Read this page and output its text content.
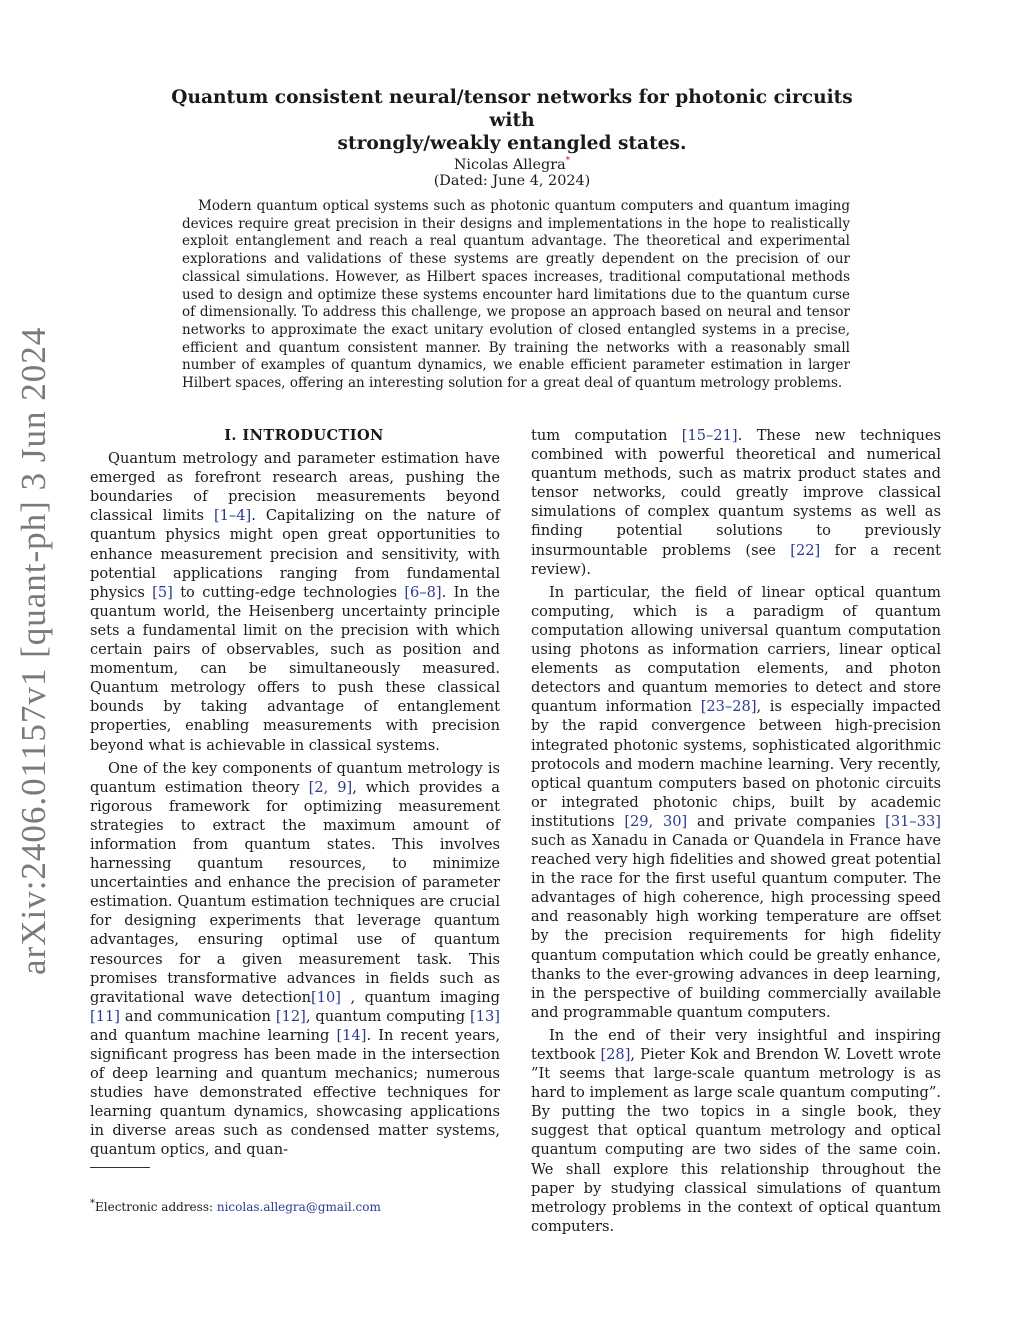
arXiv:2406.01157v1 [quant-ph] 3 Jun 2024
Quantum consistent neural/tensor networks for photonic circuits with
strongly/weakly entangled states.
Nicolas Allegra*
(Dated: June 4, 2024)

Modern quantum optical systems such as photonic quantum computers and quantum imaging devices require great precision in their designs and implementations in the hope to realistically exploit entanglement and reach a real quantum advantage. The theoretical and experimental explorations and validations of these systems are greatly dependent on the precision of our classical simulations. However, as Hilbert spaces increases, traditional computational methods used to design and optimize these systems encounter hard limitations due to the quantum curse of dimensionally. To address this challenge, we propose an approach based on neural and tensor networks to approximate the exact unitary evolution of closed entangled systems in a precise, efficient and quantum consistent manner. By training the networks with a reasonably small number of examples of quantum dynamics, we enable efficient parameter estimation in larger Hilbert spaces, offering an interesting solution for a great deal of quantum metrology problems.

I. INTRODUCTION

Quantum metrology and parameter estimation have emerged as forefront research areas, pushing the boundaries of precision measurements beyond classical limits [1–4]. Capitalizing on the nature of quantum physics might open great opportunities to enhance measurement precision and sensitivity, with potential applications ranging from fundamental physics [5] to cutting-edge technologies [6–8]. In the quantum world, the Heisenberg uncertainty principle sets a fundamental limit on the precision with which certain pairs of observables, such as position and momentum, can be simultaneously measured. Quantum metrology offers to push these classical bounds by taking advantage of entanglement properties, enabling measurements with precision beyond what is achievable in classical systems.

One of the key components of quantum metrology is quantum estimation theory [2, 9], which provides a rigorous framework for optimizing measurement strategies to extract the maximum amount of information from quantum states. This involves harnessing quantum resources, to minimize uncertainties and enhance the precision of parameter estimation. Quantum estimation techniques are crucial for designing experiments that leverage quantum advantages, ensuring optimal use of quantum resources for a given measurement task. This promises transformative advances in fields such as gravitational wave detection[10] , quantum imaging [11] and communication [12], quantum computing [13] and quantum machine learning [14]. In recent years, significant progress has been made in the intersection of deep learning and quantum mechanics; numerous studies have demonstrated effective techniques for learning quantum dynamics, showcasing applications in diverse areas such as condensed matter systems, quantum optics, and quan-

tum computation [15–21]. These new techniques combined with powerful theoretical and numerical quantum methods, such as matrix product states and tensor networks, could greatly improve classical simulations of complex quantum systems as well as finding potential solutions to previously insurmountable problems (see [22] for a recent review).

In particular, the field of linear optical quantum computing, which is a paradigm of quantum computation allowing universal quantum computation using photons as information carriers, linear optical elements as computation elements, and photon detectors and quantum memories to detect and store quantum information [23–28], is especially impacted by the rapid convergence between high-precision integrated photonic systems, sophisticated algorithmic protocols and modern machine learning. Very recently, optical quantum computers based on photonic circuits or integrated photonic chips, built by academic institutions [29, 30] and private companies [31–33] such as Xanadu in Canada or Quandela in France have reached very high fidelities and showed great potential in the race for the first useful quantum computer. The advantages of high coherence, high processing speed and reasonably high working temperature are offset by the precision requirements for high fidelity quantum computation which could be greatly enhance, thanks to the ever-growing advances in deep learning, in the perspective of building commercially available and programmable quantum computers.

In the end of their very insightful and inspiring textbook [28], Pieter Kok and Brendon W. Lovett wrote ”It seems that large-scale quantum metrology is as hard to implement as large scale quantum computing”. By putting the two topics in a single book, they suggest that optical quantum metrology and optical quantum computing are two sides of the same coin. We shall explore this relationship throughout the paper by studying classical simulations of quantum metrology problems in the context of optical quantum computers.

*Electronic address: nicolas.allegra@gmail.com
